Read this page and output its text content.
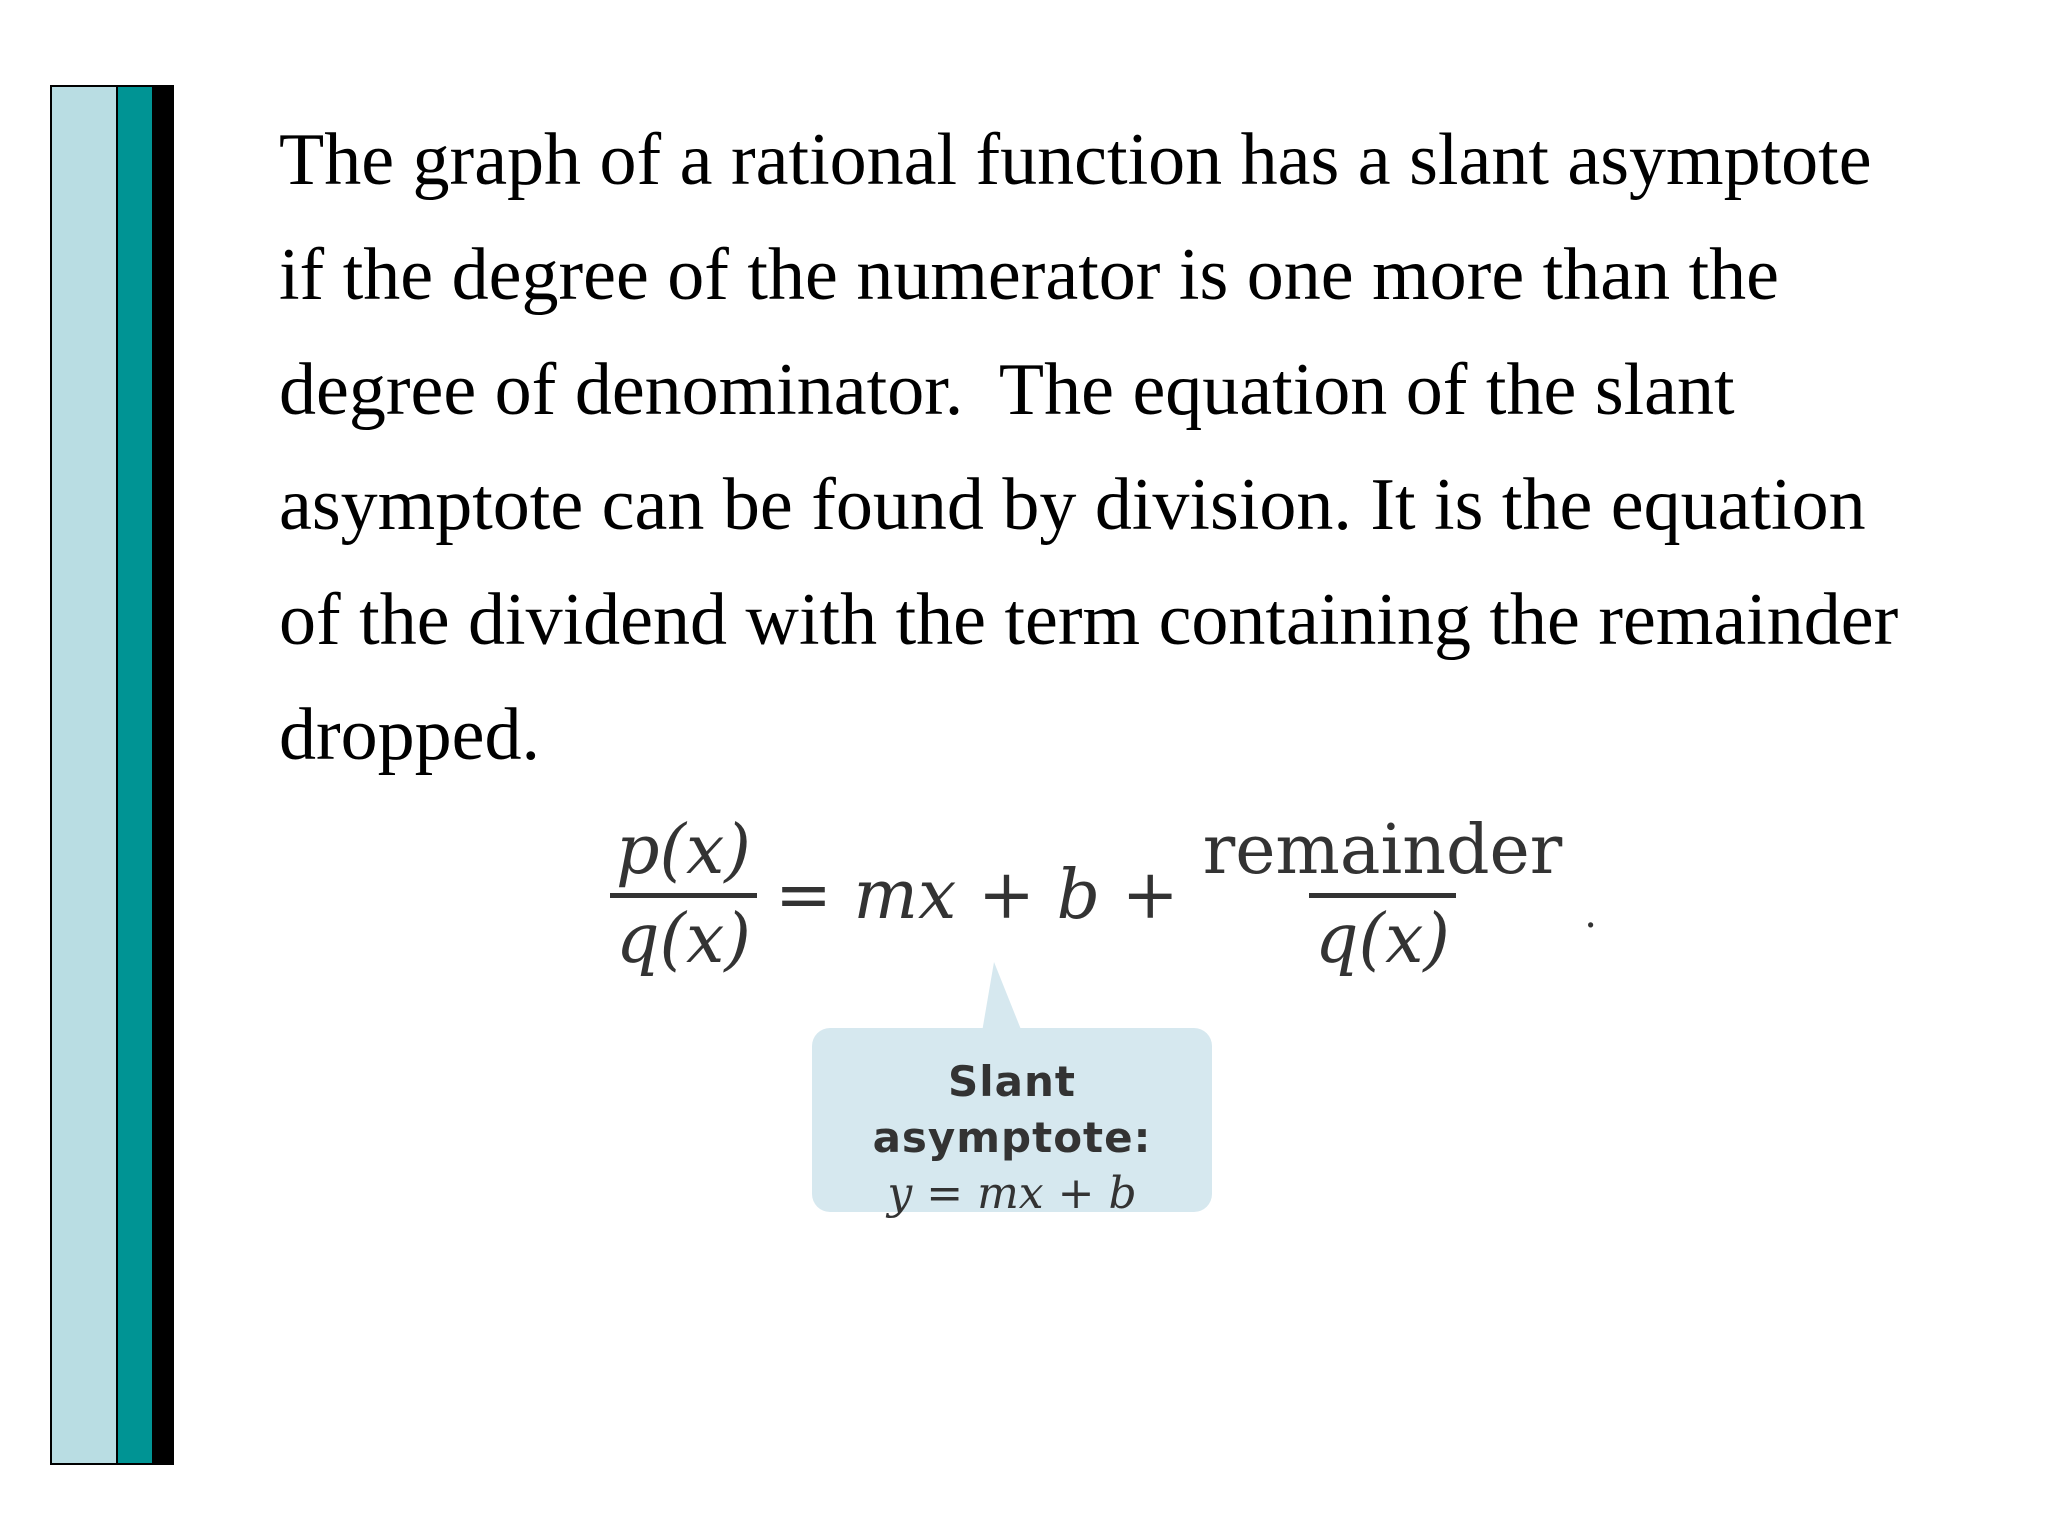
The graph of a rational function has a slant asymptote
if the degree of the numerator is one more than the
degree of denominator.  The equation of the slant
asymptote can be found by division. It is the equation
of the dividend with the term containing the remainder
dropped.

$\frac{p(x)}{q(x)}$ = mx + $b + \frac{\text{remainder}}{q(x)}$ .
Slant asymptote:
y = mx + b
